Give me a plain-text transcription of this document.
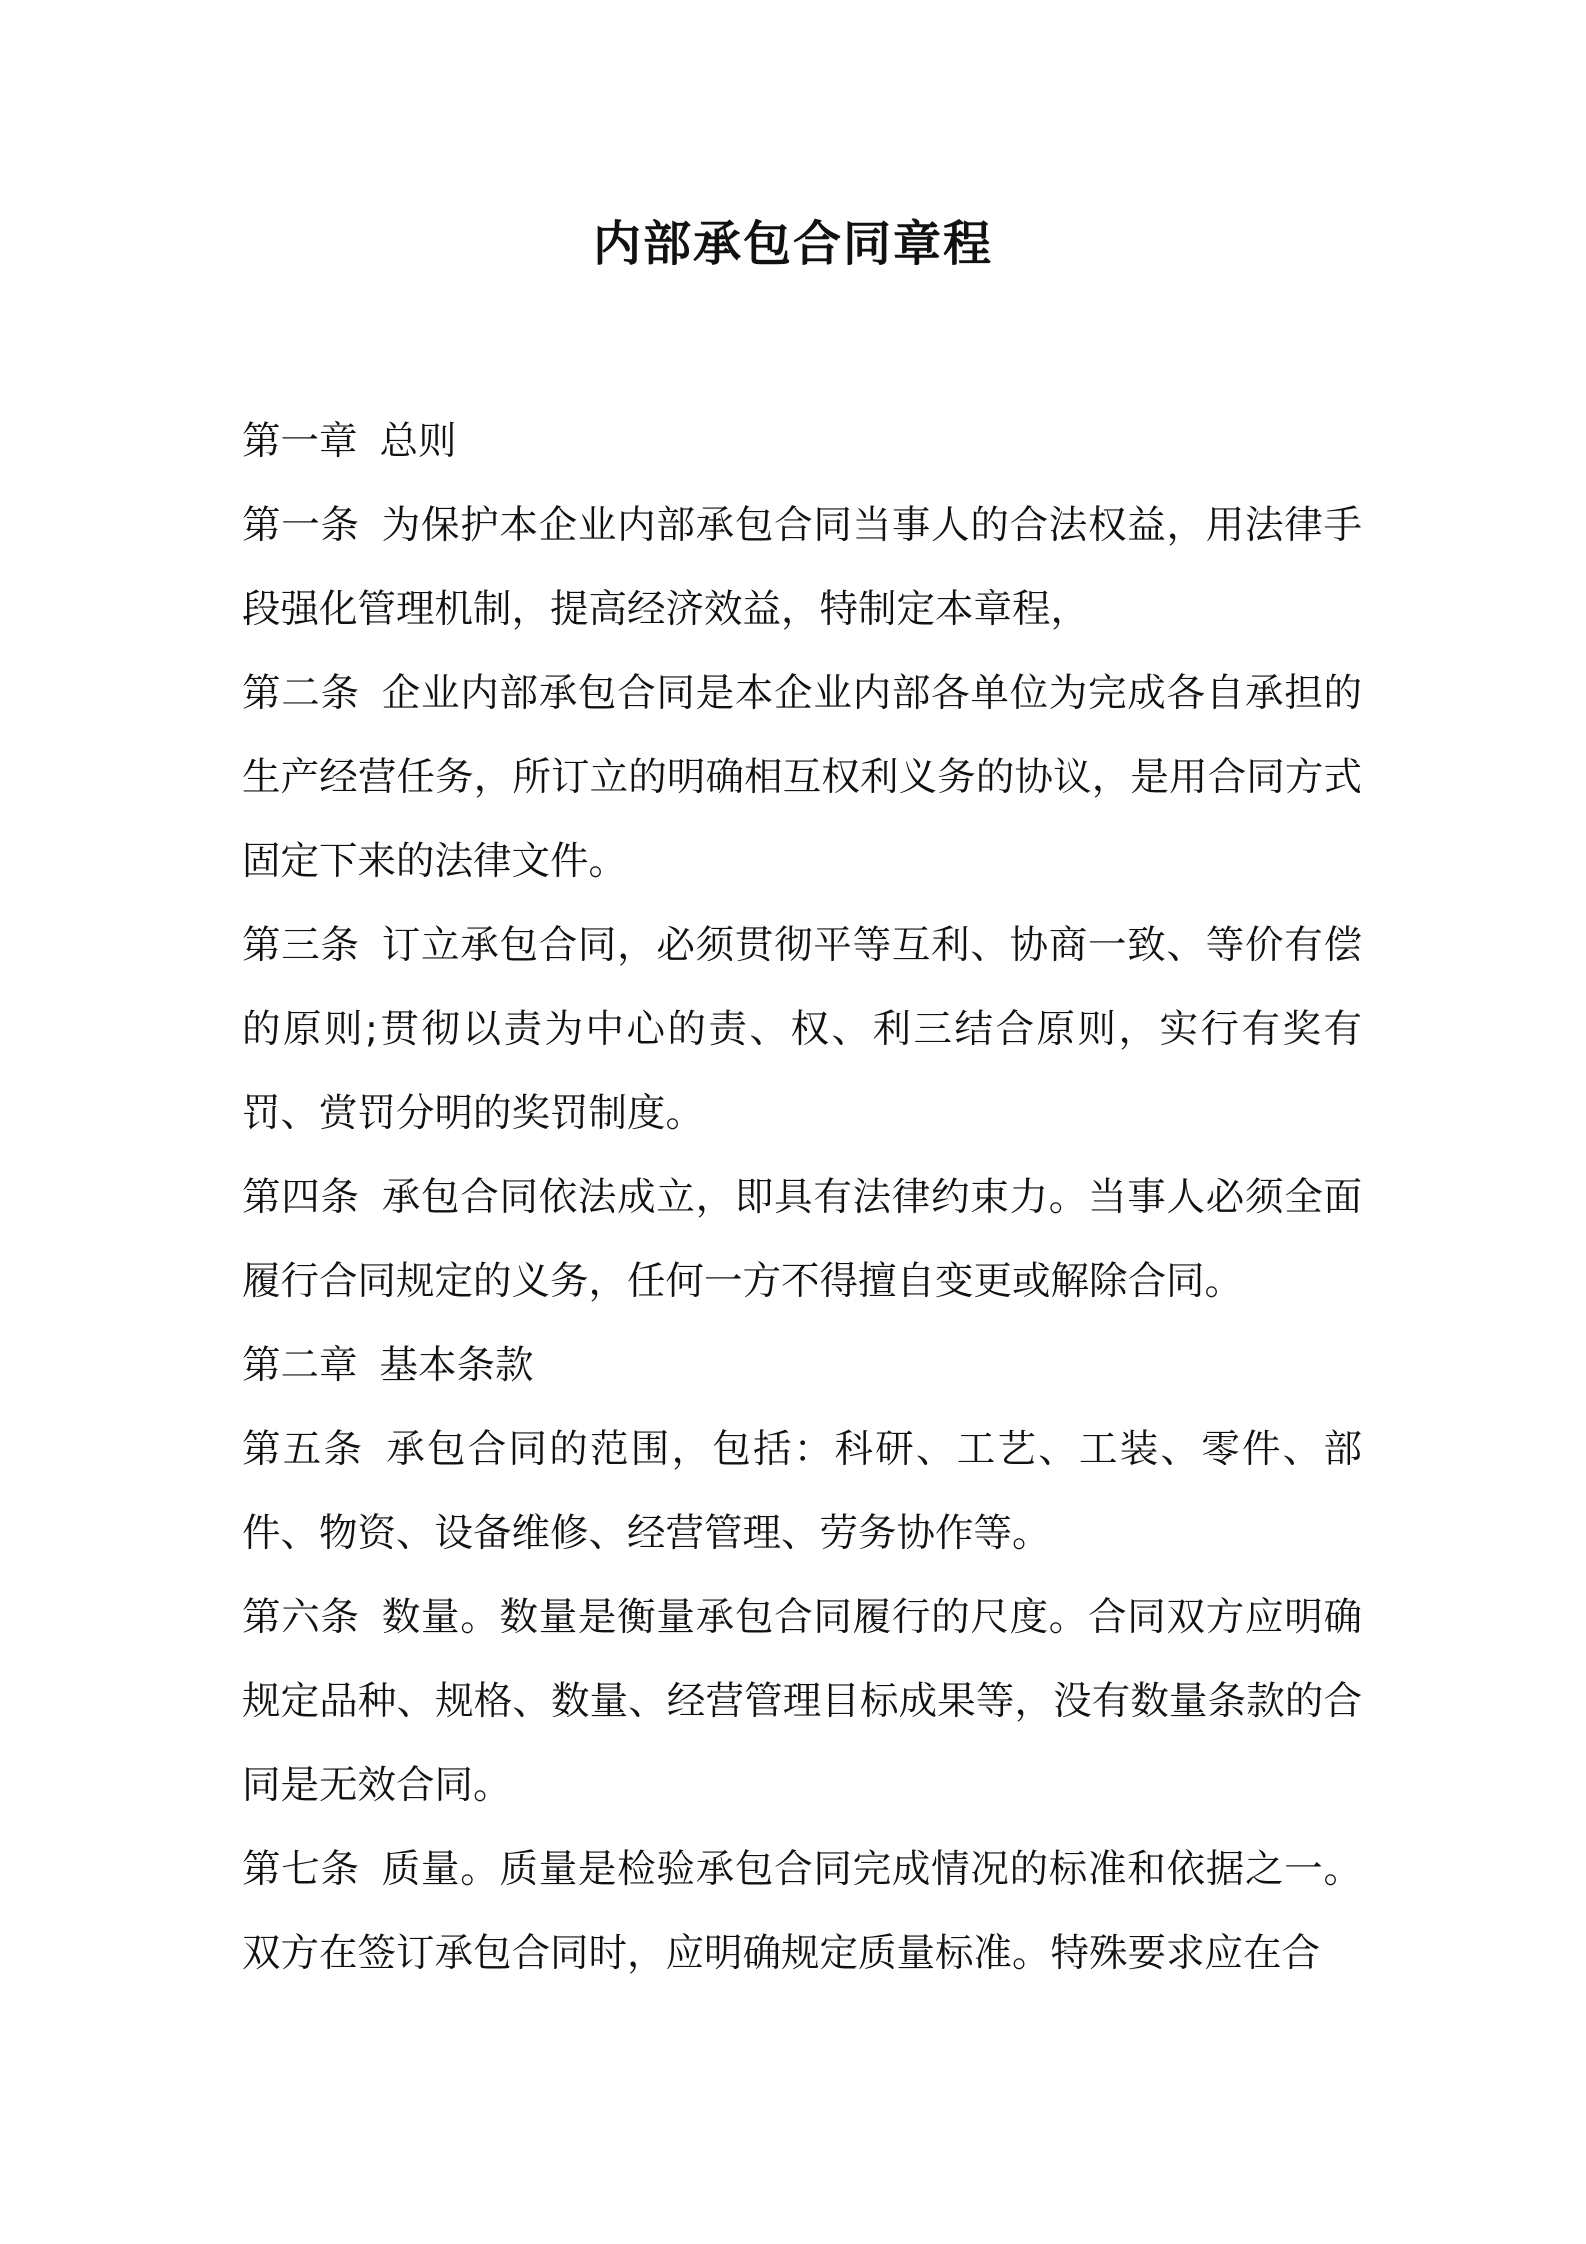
内部承包合同章程

第一章 总则

第一条 为保护本企业内部承包合同当事人的合法权益，用法律手段强化管理机制，提高经济效益，特制定本章程，

第二条 企业内部承包合同是本企业内部各单位为完成各自承担的生产经营任务，所订立的明确相互权利义务的协议，是用合同方式固定下来的法律文件。

第三条 订立承包合同，必须贯彻平等互利、协商一致、等价有偿的原则;贯彻以责为中心的责、权、利三结合原则，实行有奖有罚、赏罚分明的奖罚制度。

第四条 承包合同依法成立，即具有法律约束力。当事人必须全面履行合同规定的义务，任何一方不得擅自变更或解除合同。

第二章 基本条款

第五条 承包合同的范围，包括：科研、工艺、工装、零件、部件、物资、设备维修、经营管理、劳务协作等。

第六条 数量。数量是衡量承包合同履行的尺度。合同双方应明确规定品种、规格、数量、经营管理目标成果等，没有数量条款的合同是无效合同。

第七条 质量。质量是检验承包合同完成情况的标准和依据之一。双方在签订承包合同时，应明确规定质量标准。特殊要求应在合
